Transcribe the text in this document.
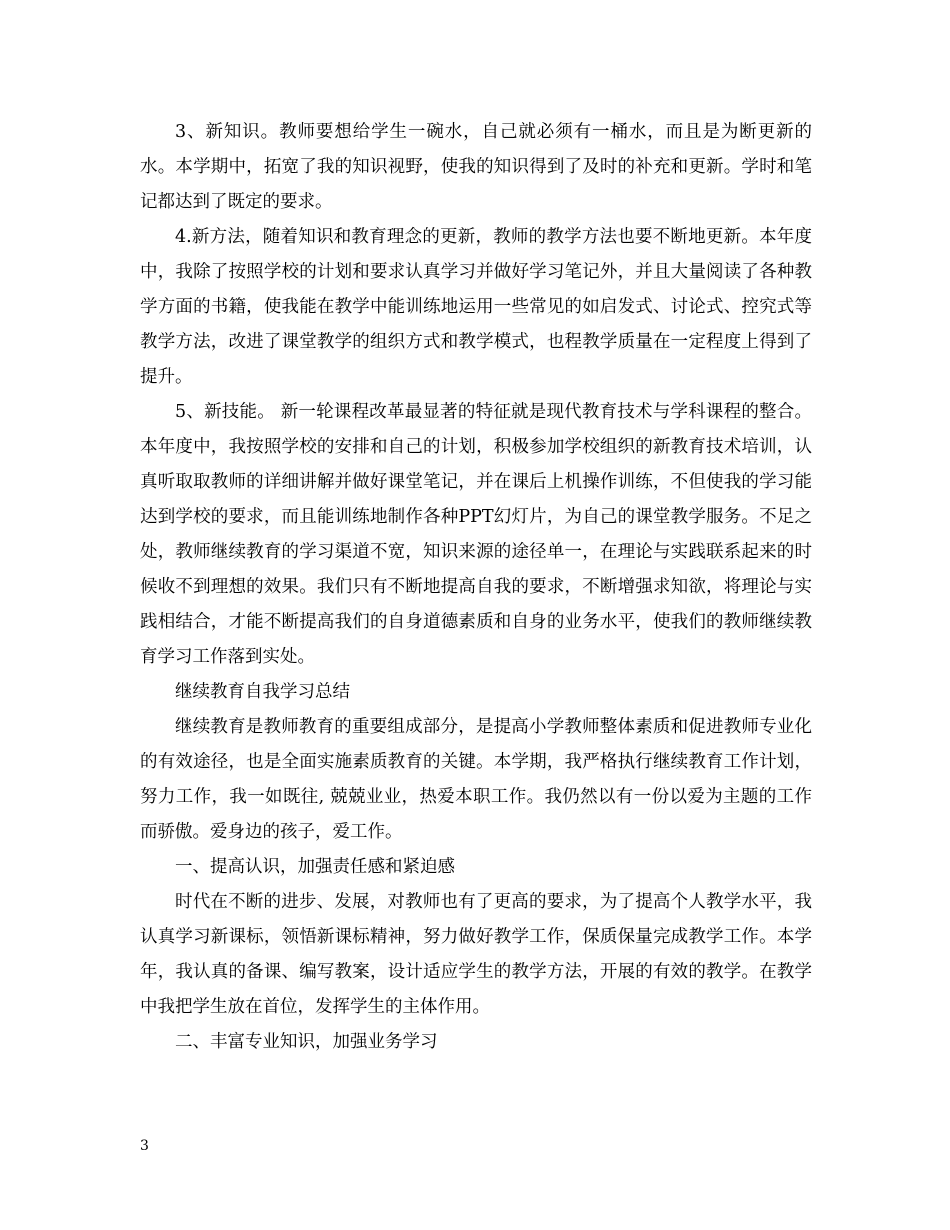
3、新知识。教师要想给学生一碗水，自己就必须有一桶水，而且是为断更新的水。本学期中，拓宽了我的知识视野，使我的知识得到了及时的补充和更新。学时和笔记都达到了既定的要求。

4.新方法，随着知识和教育理念的更新，教师的教学方法也要不断地更新。本年度中，我除了按照学校的计划和要求认真学习并做好学习笔记外，并且大量阅读了各种教学方面的书籍，使我能在教学中能训练地运用一些常见的如启发式、讨论式、控究式等教学方法，改进了课堂教学的组织方式和教学模式，也程教学质量在一定程度上得到了提升。

5、新技能。 新一轮课程改革最显著的特征就是现代教育技术与学科课程的整合。本年度中，我按照学校的安排和自己的计划，积极参加学校组织的新教育技术培训，认真听取取教师的详细讲解并做好课堂笔记，并在课后上机操作训练，不但使我的学习能达到学校的要求，而且能训练地制作各种PPT幻灯片，为自己的课堂教学服务。不足之处，教师继续教育的学习渠道不宽，知识来源的途径单一，在理论与实践联系起来的时候收不到理想的效果。我们只有不断地提高自我的要求，不断增强求知欲，将理论与实践相结合，才能不断提高我们的自身道德素质和自身的业务水平，使我们的教师继续教育学习工作落到实处。

继续教育自我学习总结

继续教育是教师教育的重要组成部分，是提高小学教师整体素质和促进教师专业化的有效途径，也是全面实施素质教育的关键。本学期，我严格执行继续教育工作计划，努力工作，我一如既往, 兢兢业业，热爱本职工作。我仍然以有一份以爱为主题的工作而骄傲。爱身边的孩子，爱工作。

一、提高认识，加强责任感和紧迫感

时代在不断的进步、发展，对教师也有了更高的要求，为了提高个人教学水平，我认真学习新课标，领悟新课标精神，努力做好教学工作，保质保量完成教学工作。本学年，我认真的备课、编写教案，设计适应学生的教学方法，开展的有效的教学。在教学中我把学生放在首位，发挥学生的主体作用。

二、丰富专业知识，加强业务学习

3
